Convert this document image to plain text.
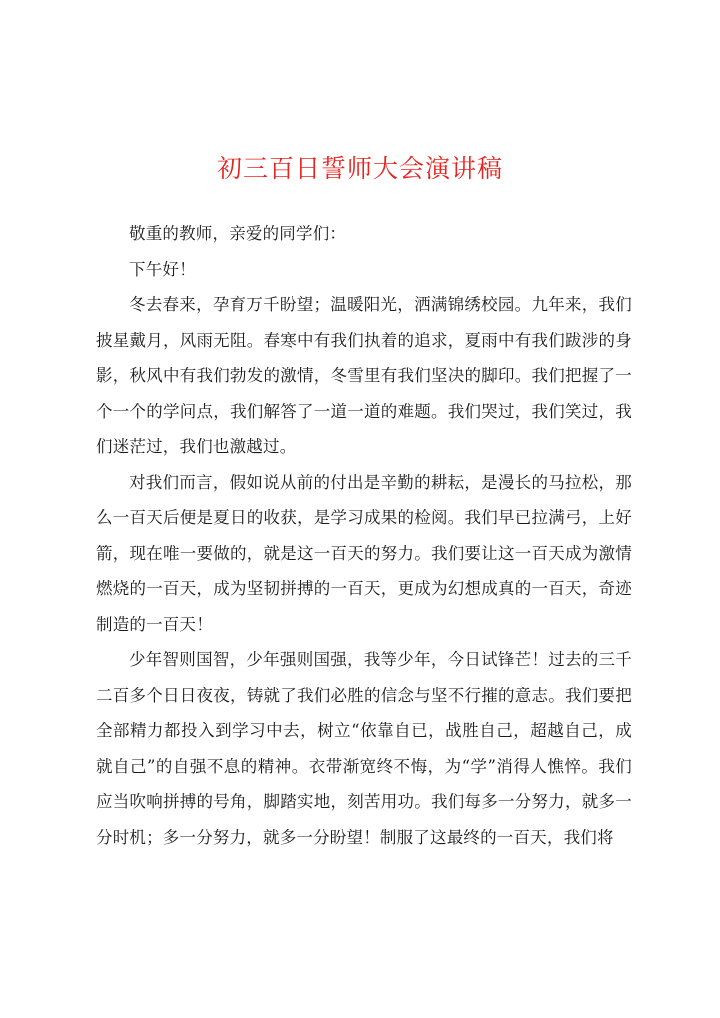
初三百日誓师大会演讲稿

敬重的教师，亲爱的同学们：

下午好！

冬去春来，孕育万千盼望；温暖阳光，洒满锦绣校园。九年来，我们披星戴月，风雨无阻。春寒中有我们执着的追求，夏雨中有我们跋涉的身影，秋风中有我们勃发的激情，冬雪里有我们坚决的脚印。我们把握了一个一个的学问点，我们解答了一道一道的难题。我们哭过，我们笑过，我们迷茫过，我们也激越过。

对我们而言，假如说从前的付出是辛勤的耕耘，是漫长的马拉松，那么一百天后便是夏日的收获，是学习成果的检阅。我们早已拉满弓，上好箭，现在唯一要做的，就是这一百天的努力。我们要让这一百天成为激情燃烧的一百天，成为坚韧拼搏的一百天，更成为幻想成真的一百天，奇迹制造的一百天！

少年智则国智，少年强则国强，我等少年，今日试锋芒！过去的三千二百多个日日夜夜，铸就了我们必胜的信念与坚不行摧的意志。我们要把全部精力都投入到学习中去，树立“依靠自已，战胜自己，超越自己，成就自己”的自强不息的精神。衣带渐宽终不悔，为“学”消得人憔悴。我们应当吹响拼搏的号角，脚踏实地，刻苦用功。我们每多一分努力，就多一分时机；多一分努力，就多一分盼望！制服了这最终的一百天，我们将
